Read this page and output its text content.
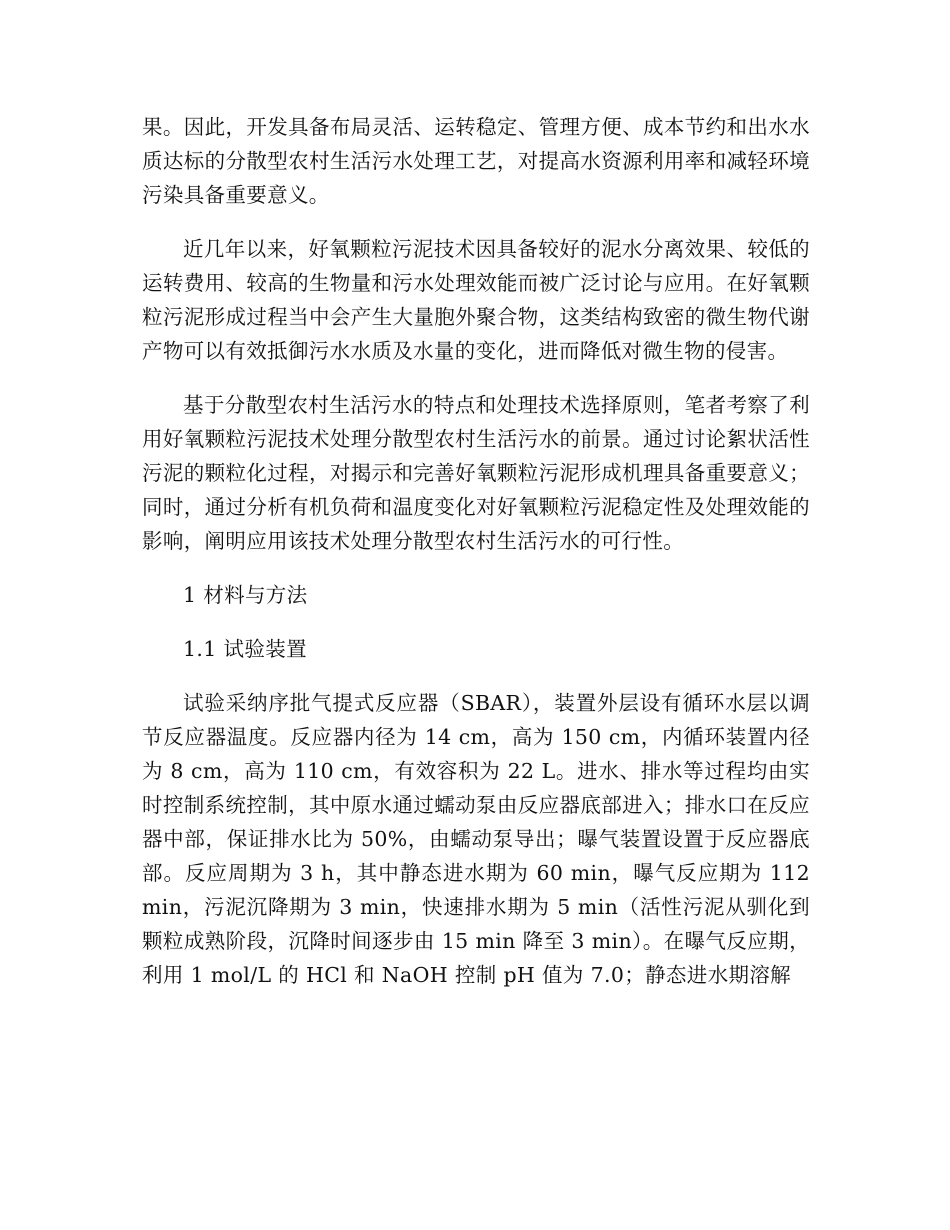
果。因此，开发具备布局灵活、运转稳定、管理方便、成本节约和出水水质达标的分散型农村生活污水处理工艺，对提高水资源利用率和减轻环境污染具备重要意义。

近几年以来，好氧颗粒污泥技术因具备较好的泥水分离效果、较低的运转费用、较高的生物量和污水处理效能而被广泛讨论与应用。在好氧颗粒污泥形成过程当中会产生大量胞外聚合物，这类结构致密的微生物代谢产物可以有效抵御污水水质及水量的变化，进而降低对微生物的侵害。

基于分散型农村生活污水的特点和处理技术选择原则，笔者考察了利用好氧颗粒污泥技术处理分散型农村生活污水的前景。通过讨论絮状活性污泥的颗粒化过程，对揭示和完善好氧颗粒污泥形成机理具备重要意义；同时，通过分析有机负荷和温度变化对好氧颗粒污泥稳定性及处理效能的影响，阐明应用该技术处理分散型农村生活污水的可行性。

1 材料与方法

1.1 试验装置

试验采纳序批气提式反应器（SBAR），装置外层设有循环水层以调节反应器温度。反应器内径为 14 cm，高为 150 cm，内循环装置内径为 8 cm，高为 110 cm，有效容积为 22 L。进水、排水等过程均由实时控制系统控制，其中原水通过蠕动泵由反应器底部进入；排水口在反应器中部，保证排水比为 50%，由蠕动泵导出；曝气装置设置于反应器底部。反应周期为 3 h，其中静态进水期为 60 min，曝气反应期为 112 min，污泥沉降期为 3 min，快速排水期为 5 min（活性污泥从驯化到颗粒成熟阶段，沉降时间逐步由 15 min 降至 3 min）。在曝气反应期，利用 1 mol/L 的 HCl 和 NaOH 控制 pH 值为 7.0；静态进水期溶解
